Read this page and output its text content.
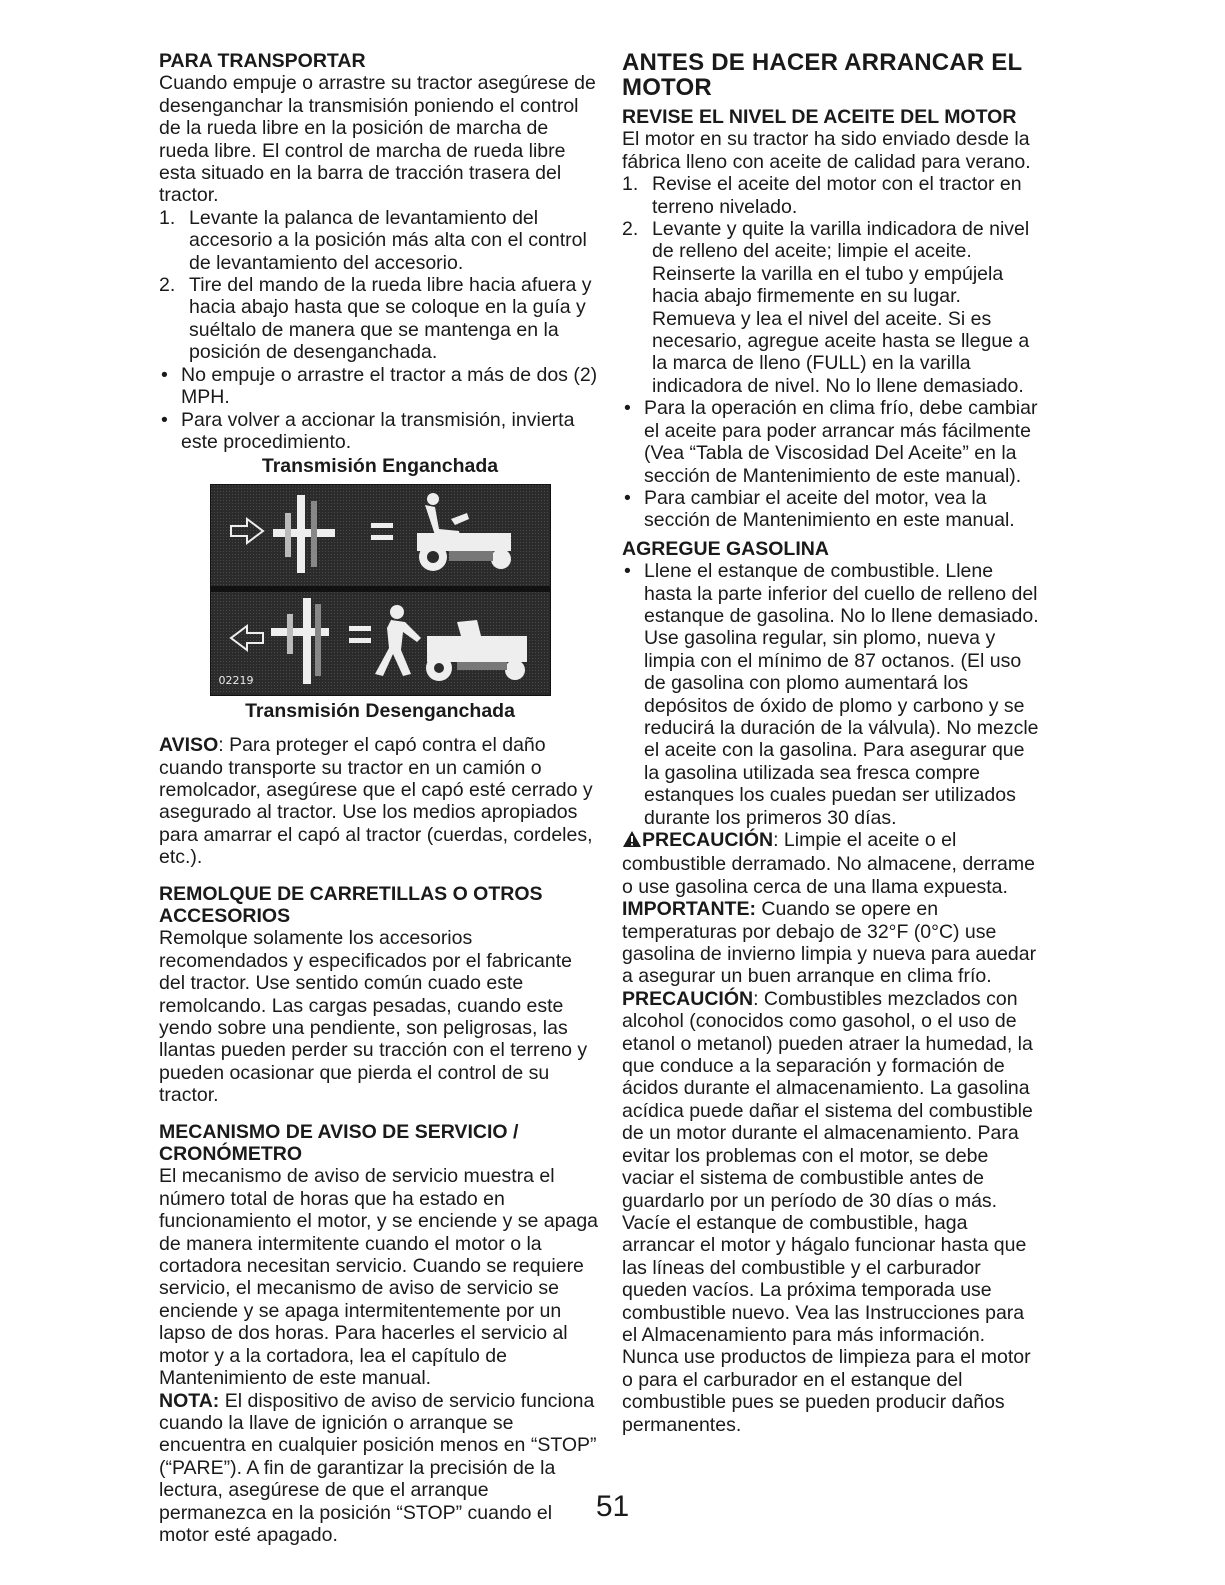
PARA TRANSPORTAR

Cuando empuje o arrastre su tractor asegúrese de desenganchar la transmisión poniendo el control de la rueda libre en la posición de marcha de rueda libre. El control de marcha de rueda libre esta situado en la barra de tracción trasera del tractor.

1. Levante la palanca de levantamiento del accesorio a la posición más alta con el control de levantamiento del accesorio.
2. Tire del mando de la rueda libre hacia afuera y hacia abajo hasta que se coloque en la guía y suéltalo de manera que se mantenga en la posición de desenganchada.
• No empuje o arrastre el tractor a más de dos (2) MPH.
• Para volver a accionar la transmisión, invierta este procedimiento.

Transmisión Enganchada

02219

Transmisión Desenganchada

AVISO: Para proteger el capó contra el daño cuando transporte su tractor en un camión o remolcador, asegúrese que el capó esté cerrado y asegurado al tractor. Use los medios apropiados para amarrar el capó al tractor (cuerdas, cordeles, etc.).

REMOLQUE DE CARRETILLAS O OTROS ACCESORIOS

Remolque solamente los accesorios recomendados y especificados por el fabricante del tractor. Use sentido común cuado este remolcando. Las cargas pesadas, cuando este yendo sobre una pendiente, son peligrosas, las llantas pueden perder su tracción con el terreno y pueden ocasionar que pierda el control de su tractor.

MECANISMO DE AVISO DE SERVICIO / CRONÓMETRO

El mecanismo de aviso de servicio muestra el número total de horas que ha estado en funcionamiento el motor, y se enciende y se apaga de manera intermitente cuando el motor o la cortadora necesitan servicio. Cuando se requiere servicio, el mecanismo de aviso de servicio se enciende y se apaga intermitentemente por un lapso de dos horas. Para hacerles el servicio al motor y a la cortadora, lea el capítulo de Mantenimiento de este manual.

NOTA: El dispositivo de aviso de servicio funciona cuando la llave de ignición o arranque se encuentra en cualquier posición menos en “STOP” (“PARE”). A fin de garantizar la precisión de la lectura, asegúrese de que el arranque permanezca en la posición “STOP” cuando el motor esté apagado.

ANTES DE HACER ARRANCAR EL MOTOR
REVISE EL NIVEL DE ACEITE DEL MOTOR

El motor en su tractor ha sido enviado desde la fábrica lleno con aceite de calidad para verano.

1. Revise el aceite del motor con el tractor en terreno nivelado.
2. Levante y quite la varilla indicadora de nivel de relleno del aceite; limpie el aceite. Reinserte la varilla en el tubo y empújela hacia abajo firmemente en su lugar. Remueva y lea el nivel del aceite. Si es necesario, agregue aceite hasta se llegue a la marca de lleno (FULL) en la varilla indicadora de nivel. No lo llene demasiado.
• Para la operación en clima frío, debe cambiar el aceite para poder arrancar más fácilmente (Vea “Tabla de Viscosidad Del Aceite” en la sección de Mantenimiento de este manual).
• Para cambiar el aceite del motor, vea la sección de Mantenimiento en este manual.
AGREGUE GASOLINA
• Llene el estanque de combustible. Llene hasta la parte inferior del cuello de relleno del estanque de gasolina. No lo llene demasiado. Use gasolina regular, sin plomo, nueva y limpia con el mínimo de 87 octanos. (El uso de gasolina con plomo aumentará los depósitos de óxido de plomo y carbono y se reducirá la duración de la válvula). No mezcle el aceite con la gasolina. Para asegurar que la gasolina utilizada sea fresca compre estanques los cuales puedan ser utilizados durante los primeros 30 días.

PRECAUCIÓN: Limpie el aceite o el combustible derramado. No almacene, derrame o use gasolina cerca de una llama expuesta.

IMPORTANTE: Cuando se opere en temperaturas por debajo de 32°F (0°C) use gasolina de invierno limpia y nueva para auedar a asegurar un buen arranque en clima frío.

PRECAUCIÓN: Combustibles mezclados con alcohol (conocidos como gasohol, o el uso de etanol o metanol) pueden atraer la humedad, la que conduce a la separación y formación de ácidos durante el almacenamiento. La gasolina acídica puede dañar el sistema del combustible de un motor durante el almacenamiento. Para evitar los problemas con el motor, se debe vaciar el sistema de combustible antes de guardarlo por un período de 30 días o más. Vacíe el estanque de combustible, haga arrancar el motor y hágalo funcionar hasta que las líneas del combustible y el carburador queden vacíos. La próxima temporada use combustible nuevo. Vea las Instrucciones para el Almacenamiento para más información. Nunca use productos de limpieza para el motor o para el carburador en el estanque del combustible pues se pueden producir daños permanentes.

51
